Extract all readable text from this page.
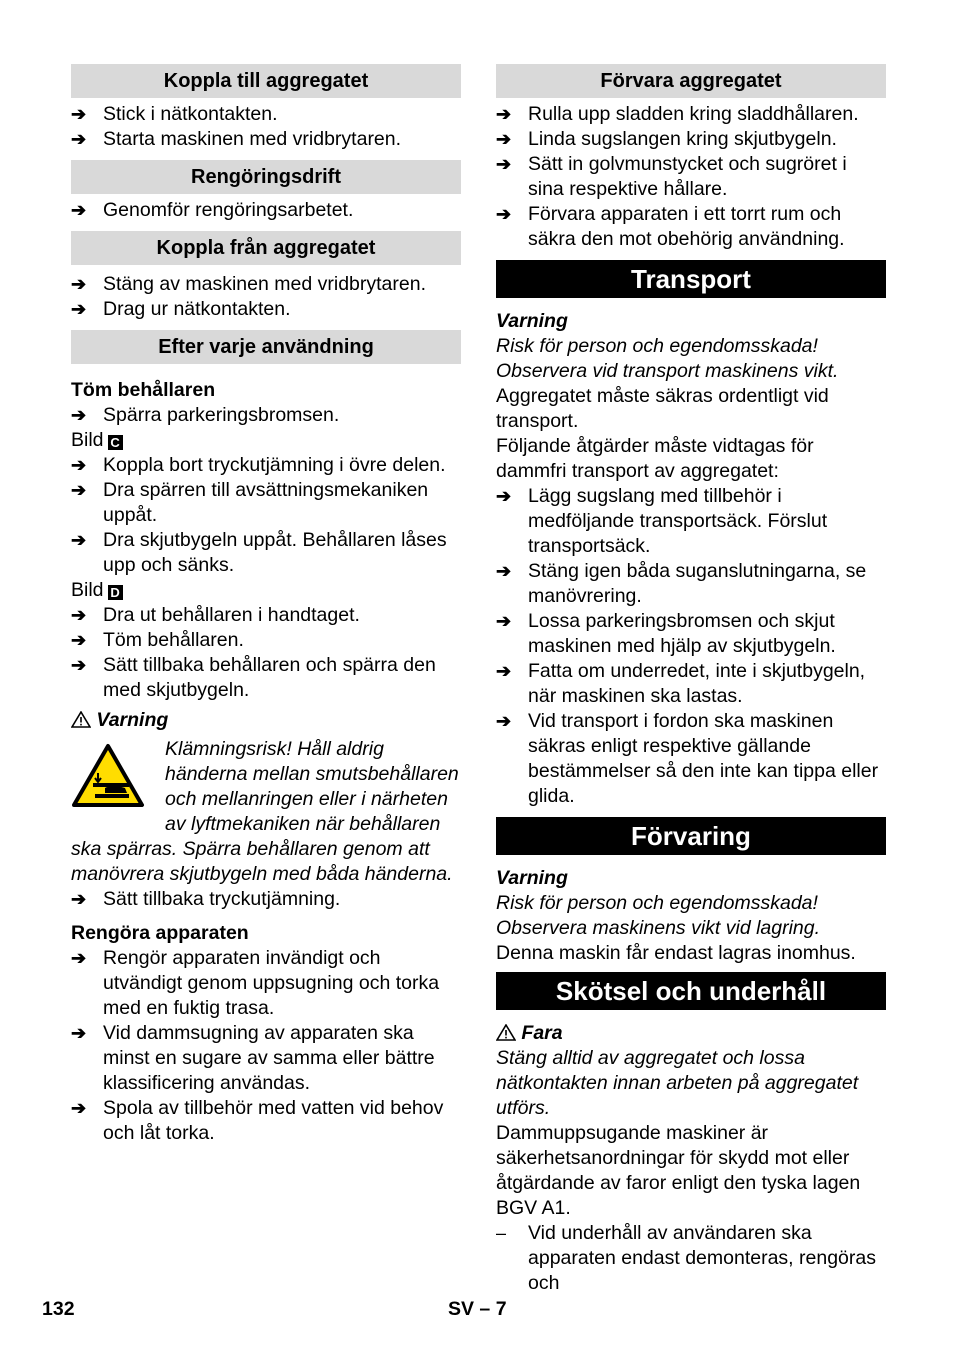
Koppla till aggregatet
➔ Stick i nätkontakten.
➔ Starta maskinen med vridbrytaren.
Rengöringsdrift
➔ Genomför rengöringsarbetet.
Koppla från aggregatet
➔ Stäng av maskinen med vridbrytaren.
➔ Drag ur nätkontakten.
Efter varje användning
Töm behållaren
➔ Spärra parkeringsbromsen.
Bild C
➔ Koppla bort tryckutjämning i övre delen.
➔ Dra spärren till avsättningsmekaniken uppåt.
➔ Dra skjutbygeln uppåt. Behållaren låses upp och sänks.
Bild D
➔ Dra ut behållaren i handtaget.
➔ Töm behållaren.
➔ Sätt tillbaka behållaren och spärra den med skjutbygeln.
Varning
Klämningsrisk! Håll aldrig händerna mellan smutsbehållaren och mellanringen eller i närheten av lyftmekaniken när behållaren ska spärras. Spärra behållaren genom att manövrera skjutbygeln med båda händerna.
➔ Sätt tillbaka tryckutjämning.
Rengöra apparaten
➔ Rengör apparaten invändigt och utvändigt genom uppsugning och torka med en fuktig trasa.
➔ Vid dammsugning av apparaten ska minst en sugare av samma eller bättre klassificering användas.
➔ Spola av tillbehör med vatten vid behov och låt torka.
Förvara aggregatet
➔ Rulla upp sladden kring sladdhållaren.
➔ Linda sugslangen kring skjutbygeln.
➔ Sätt in golvmunstycket och sugröret i sina respektive hållare.
➔ Förvara apparaten i ett torrt rum och säkra den mot obehörig användning.
Transport
Varning
Risk för person och egendomsskada! Observera vid transport maskinens vikt.
Aggregatet måste säkras ordentligt vid transport.
Följande åtgärder måste vidtagas för dammfri transport av aggregatet:
➔ Lägg sugslang med tillbehör i medföljande transportsäck. Förslut transportsäck.
➔ Stäng igen båda suganslutningarna, se manövrering.
➔ Lossa parkeringsbromsen och skjut maskinen med hjälp av skjutbygeln.
➔ Fatta om underredet, inte i skjutbygeln, när maskinen ska lastas.
➔ Vid transport i fordon ska maskinen säkras enligt respektive gällande bestämmelser så den inte kan tippa eller glida.
Förvaring
Varning
Risk för person och egendomsskada! Observera maskinens vikt vid lagring.
Denna maskin får endast lagras inomhus.
Skötsel och underhåll
Fara
Stäng alltid av aggregatet och lossa nätkontakten innan arbeten på aggregatet utförs.
Dammuppsugande maskiner är säkerhetsanordningar för skydd mot eller åtgärdande av faror enligt den tyska lagen BGV A1.
–	Vid underhåll av användaren ska apparaten endast demonteras, rengöras och
132	SV – 7
